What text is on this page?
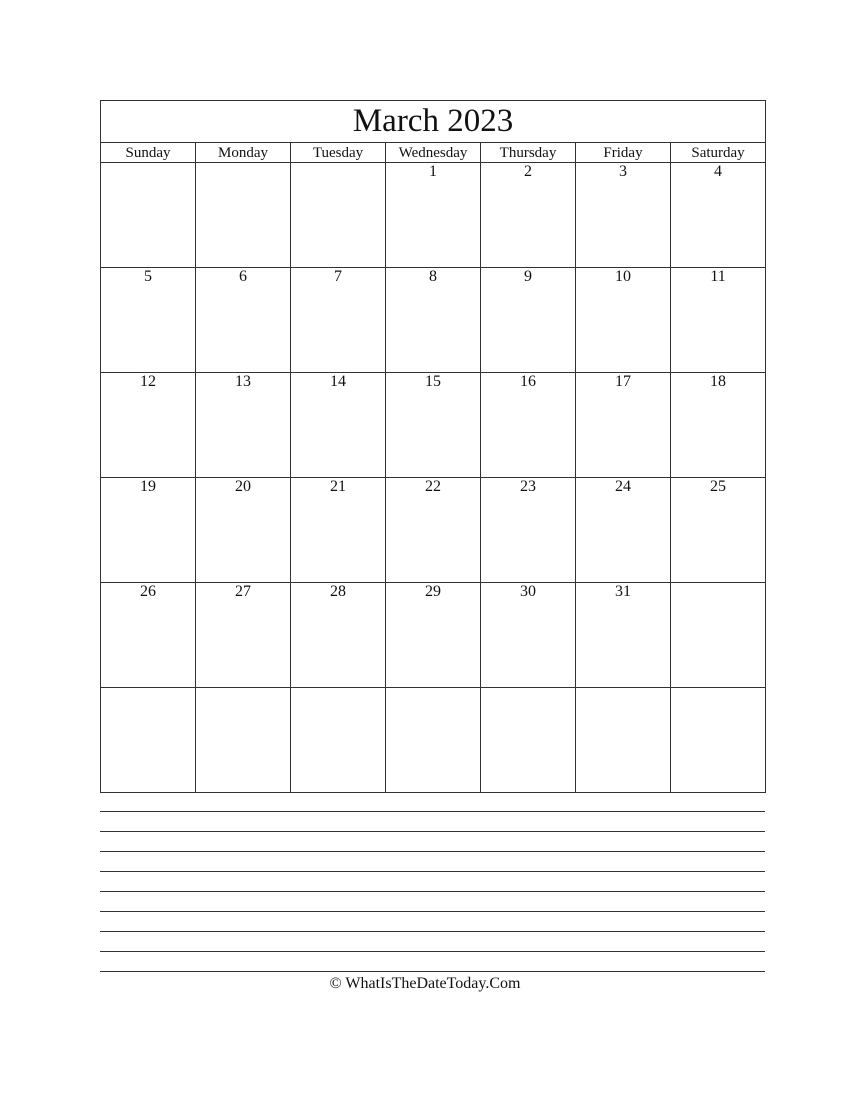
March 2023						
Sunday	Monday	Tuesday	Wednesday	Thursday	Friday	Saturday
			1	2	3	4
5	6	7	8	9	10	11
12	13	14	15	16	17	18
19	20	21	22	23	24	25
26	27	28	29	30	31	

© WhatIsTheDateToday.Com
